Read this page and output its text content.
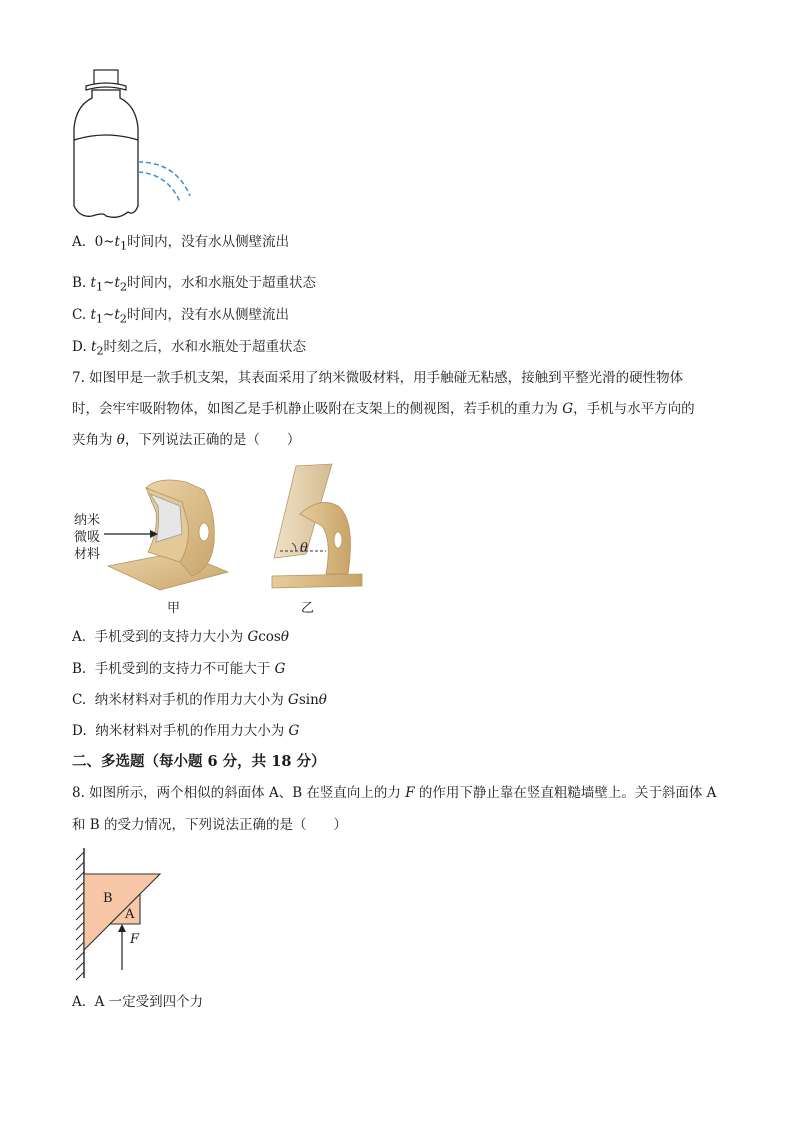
A. $0\sim t_1$时间内，没有水从侧壁流出
B. $t_1\sim t_2$时间内，水和水瓶处于超重状态
C. $t_1\sim t_2$时间内，没有水从侧壁流出
D. $t_2$时刻之后，水和水瓶处于超重状态
7. 如图甲是一款手机支架，其表面采用了纳米微吸材料，用手触碰无粘感，接触到平整光滑的硬性物体
时，会牢牢吸附物体，如图乙是手机静止吸附在支架上的侧视图，若手机的重力为 G，手机与水平方向的
夹角为 θ，下列说法正确的是（　　）
纳米
微吸
材料
甲
θ
乙
A. 手机受到的支持力大小为 Gcosθ
B. 手机受到的支持力不可能大于 G
C. 纳米材料对手机的作用力大小为 Gsinθ
D. 纳米材料对手机的作用力大小为 G
二、多选题（每小题 6 分，共 18 分）
8. 如图所示，两个相似的斜面体 A、B 在竖直向上的力 F 的作用下静止靠在竖直粗糙墙壁上。关于斜面体 A
和 B 的受力情况，下列说法正确的是（　　）
B
A
F
A. A 一定受到四个力
